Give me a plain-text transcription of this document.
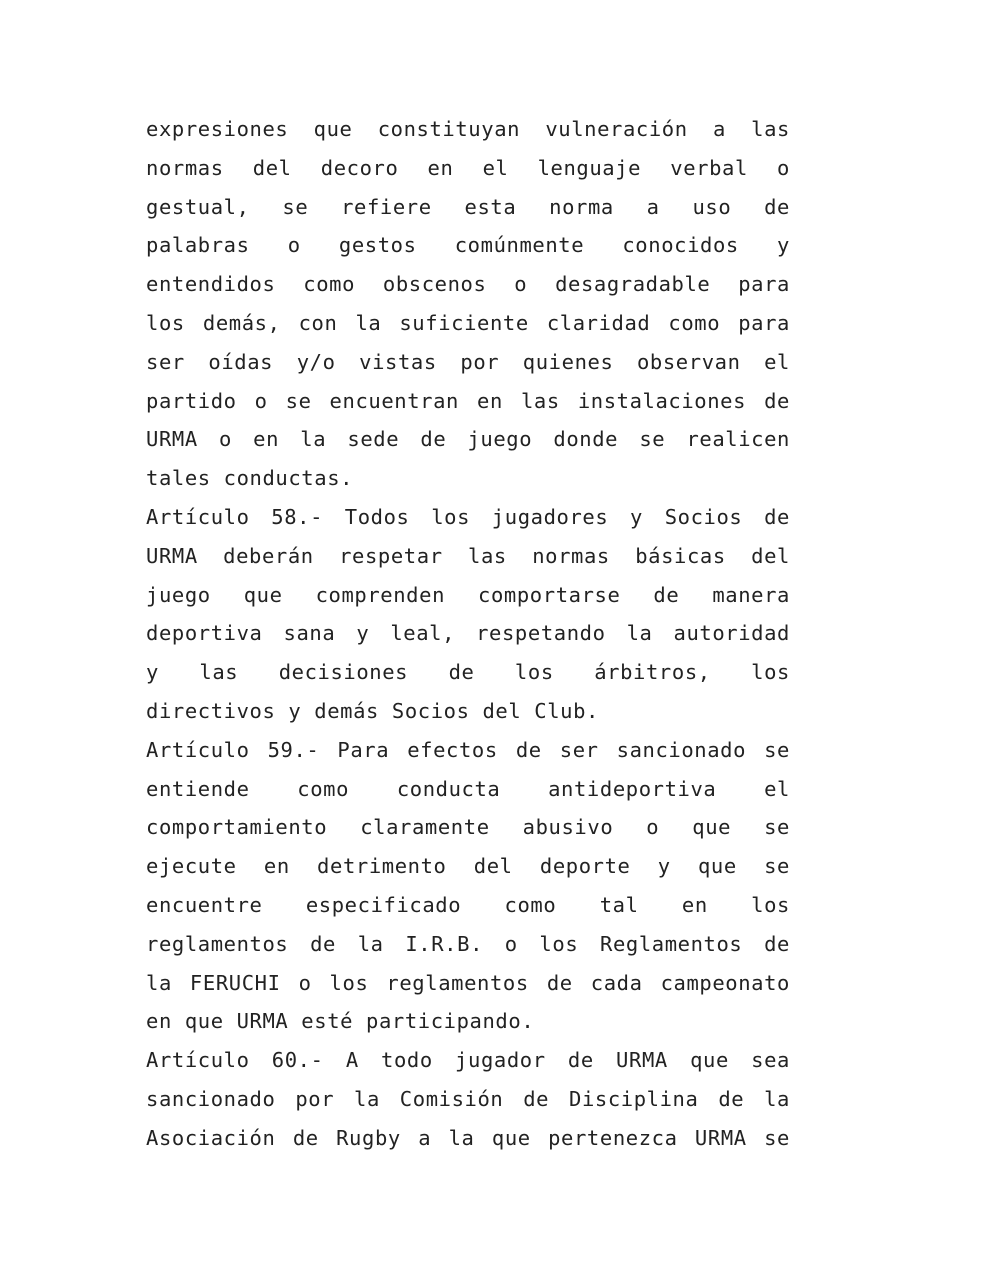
expresiones que constituyan vulneración a las
normas del decoro en el lenguaje verbal o
gestual, se refiere esta norma a uso de
palabras o gestos comúnmente conocidos y
entendidos como obscenos o desagradable para
los demás, con la suficiente claridad como para
ser oídas y/o vistas por quienes observan el
partido o se encuentran en las instalaciones de
URMA o en la sede de juego donde se realicen
tales conductas.
Artículo 58.- Todos los jugadores y Socios de
URMA deberán respetar las normas básicas del
juego que comprenden comportarse de manera
deportiva sana y leal, respetando la autoridad
y las decisiones de los árbitros, los
directivos y demás Socios del Club.
Artículo 59.- Para efectos de ser sancionado se
entiende como conducta antideportiva el
comportamiento claramente abusivo o que se
ejecute en detrimento del deporte y que se
encuentre especificado como tal en los
reglamentos de la I.R.B. o los Reglamentos de
la FERUCHI o los reglamentos de cada campeonato
en que URMA esté participando.
Artículo 60.- A todo jugador de URMA que sea
sancionado por la Comisión de Disciplina de la
Asociación de Rugby a la que pertenezca URMA se
